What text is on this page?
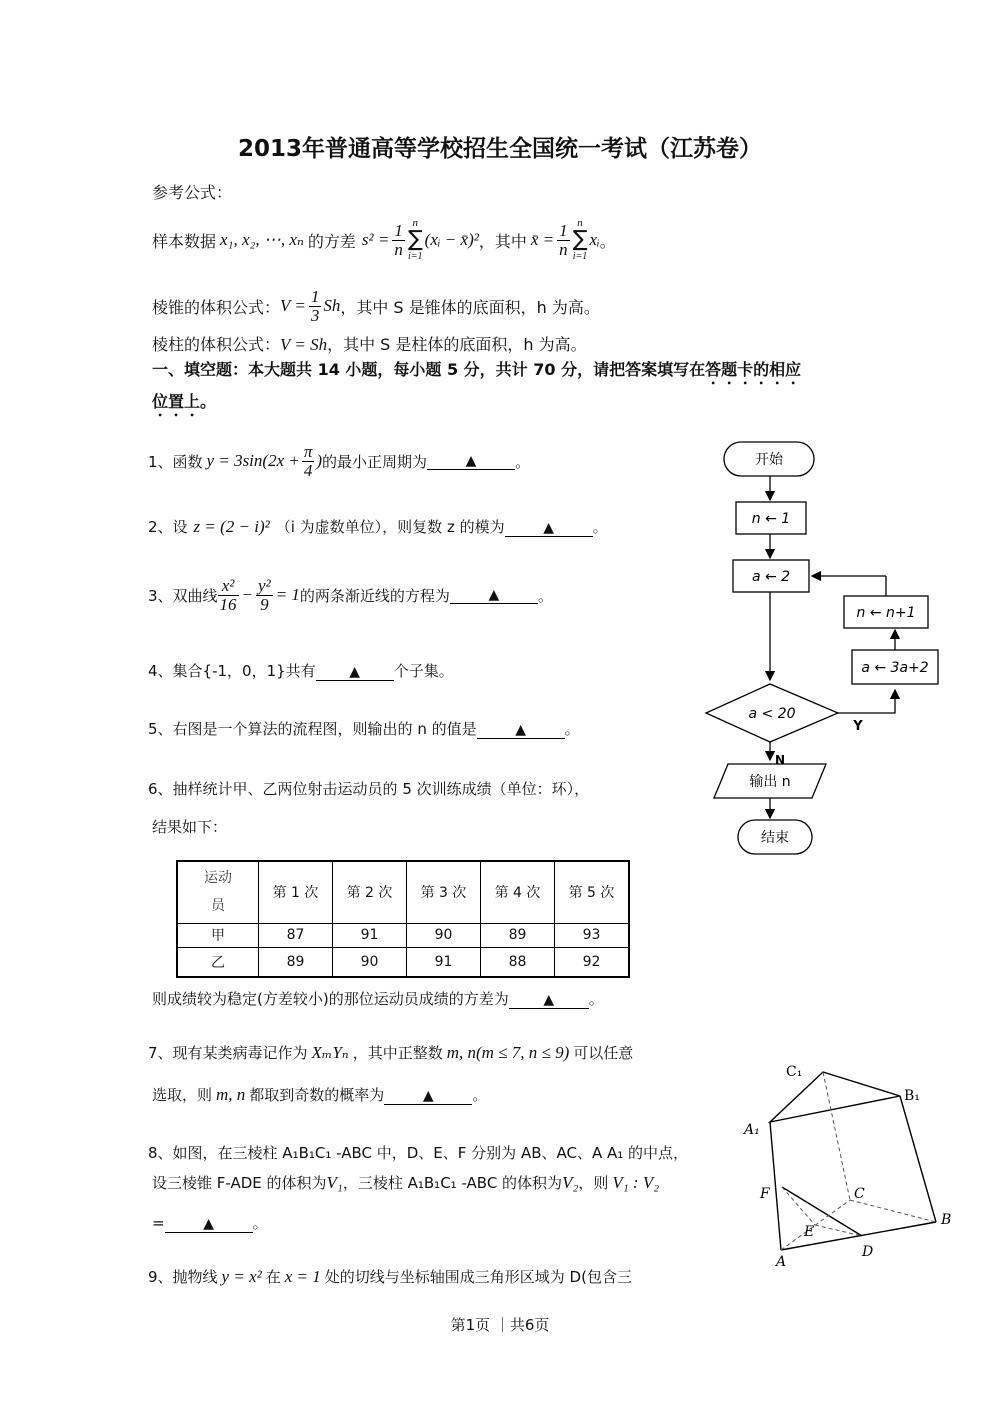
2013年普通高等学校招生全国统一考试（江苏卷）
参考公式：
样本数据 x₁, x₂, ⋯, xₙ 的方差 $s^2 = \frac{1}{n}$ n
∑
i=1
(xᵢ − x̄)² ，其中 x̄ = $\frac{1}{n}$ n
∑
i=1
xᵢ 。
棱锥的体积公式： $V = \frac{1}{3}$ Sh ，其中 S 是锥体的底面积，h 为高。
棱柱的体积公式：V = Sh，其中 S 是柱体的底面积，h 为高。
一、填空题：本大题共 14 小题，每小题 5 分，共计 70 分，请把答案填写在答题卡的相应
位置上。
1、函数 $y = 3\sin(2x + \frac{\pi}{4}$ ) 的最小正周期为	▲	。
2、设 z = (2 − i)² （i 为虚数单位），则复数 z 的模为	▲	。
3、双曲线 $\frac{\text{x²}}{16} - \frac{\text{y²}}{9} = 1$ 的两条渐近线的方程为	▲	。
4、集合{-1，0，1}共有 ▲ 个子集。
5、右图是一个算法的流程图，则输出的 n 的值是	▲	。
6、抽样统计甲、乙两位射击运动员的 5 次训练成绩（单位：环），
结果如下：
运动
员	第 1 次	第 2 次	第 3 次	第 4 次	第 5 次
甲	87	91	90	89	93
乙	89	90	91	88	92
则成绩较为稳定(方差较小)的那位运动员成绩的方差为 ▲ 。
7、现有某类病毒记作为 XₘYₙ ，其中正整数 m, n(m ≤ 7, n ≤ 9) 可以任意
选取，则 m, n 都取到奇数的概率为	▲	。
8、如图，在三棱柱 A₁B₁C₁ -ABC 中，D、E、F 分别为 AB、AC、A A₁ 的中点，
设三棱锥 F-ADE 的体积为V₁，三棱柱 A₁B₁C₁ -ABC 的体积为V₂，则 V₁ : V₂
=	▲	。
9、抛物线 y = x² 在 x = 1 处的切线与坐标轴围成三角形区域为 D(包含三
开始
n ← 1
a ← 2
a < 20
a ← 3a+2
n ← n+1
Y
N
输出 n
结束
C₁
B₁
A₁
F	C
E
B
A
D
第1页 ｜共6页
